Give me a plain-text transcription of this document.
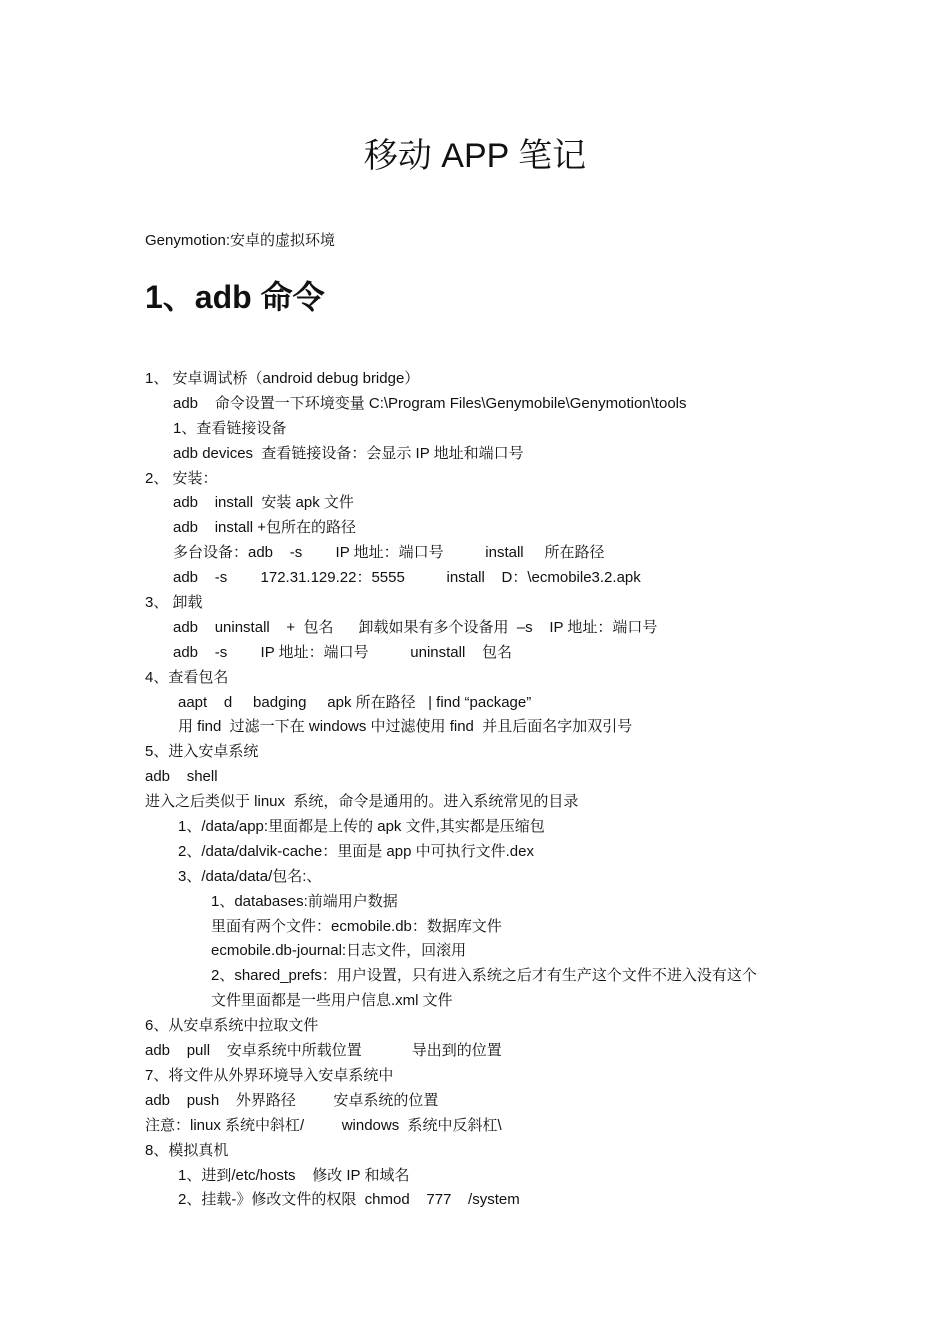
移动 APP 笔记

Genymotion:安卓的虚拟环境

1、adb 命令
1、 安卓调试桥（android debug bridge）
adb    命令设置一下环境变量 C:\Program Files\Genymobile\Genymotion\tools
1、查看链接设备
adb devices  查看链接设备：会显示 IP 地址和端口号
2、 安装：
adb    install  安装 apk 文件
adb    install +包所在的路径
多台设备：adb    -s        IP 地址：端口号          install     所在路径
adb    -s        172.31.129.22：5555          install    D：\ecmobile3.2.apk
3、 卸载
adb    uninstall    +  包名      卸载如果有多个设备用  –s    IP 地址：端口号
adb    -s        IP 地址：端口号          uninstall    包名
4、查看包名
aapt    d     badging     apk 所在路径   | find “package”
用 find  过滤一下在 windows 中过滤使用 find  并且后面名字加双引号
5、进入安卓系统
adb    shell
进入之后类似于 linux  系统，命令是通用的。进入系统常见的目录
1、/data/app:里面都是上传的 apk 文件,其实都是压缩包
2、/data/dalvik-cache：里面是 app 中可执行文件.dex
3、/data/data/包名:、
1、databases:前端用户数据
里面有两个文件：ecmobile.db：数据库文件
ecmobile.db-journal:日志文件，回滚用
2、shared_prefs：用户设置，只有进入系统之后才有生产这个文件不进入没有这个
文件里面都是一些用户信息.xml 文件
6、从安卓系统中拉取文件
adb    pull    安卓系统中所载位置            导出到的位置
7、将文件从外界环境导入安卓系统中
adb    push    外界路径         安卓系统的位置
注意：linux 系统中斜杠/         windows  系统中反斜杠\
8、模拟真机
1、进到/etc/hosts    修改 IP 和域名
2、挂载-》修改文件的权限  chmod    777    /system
